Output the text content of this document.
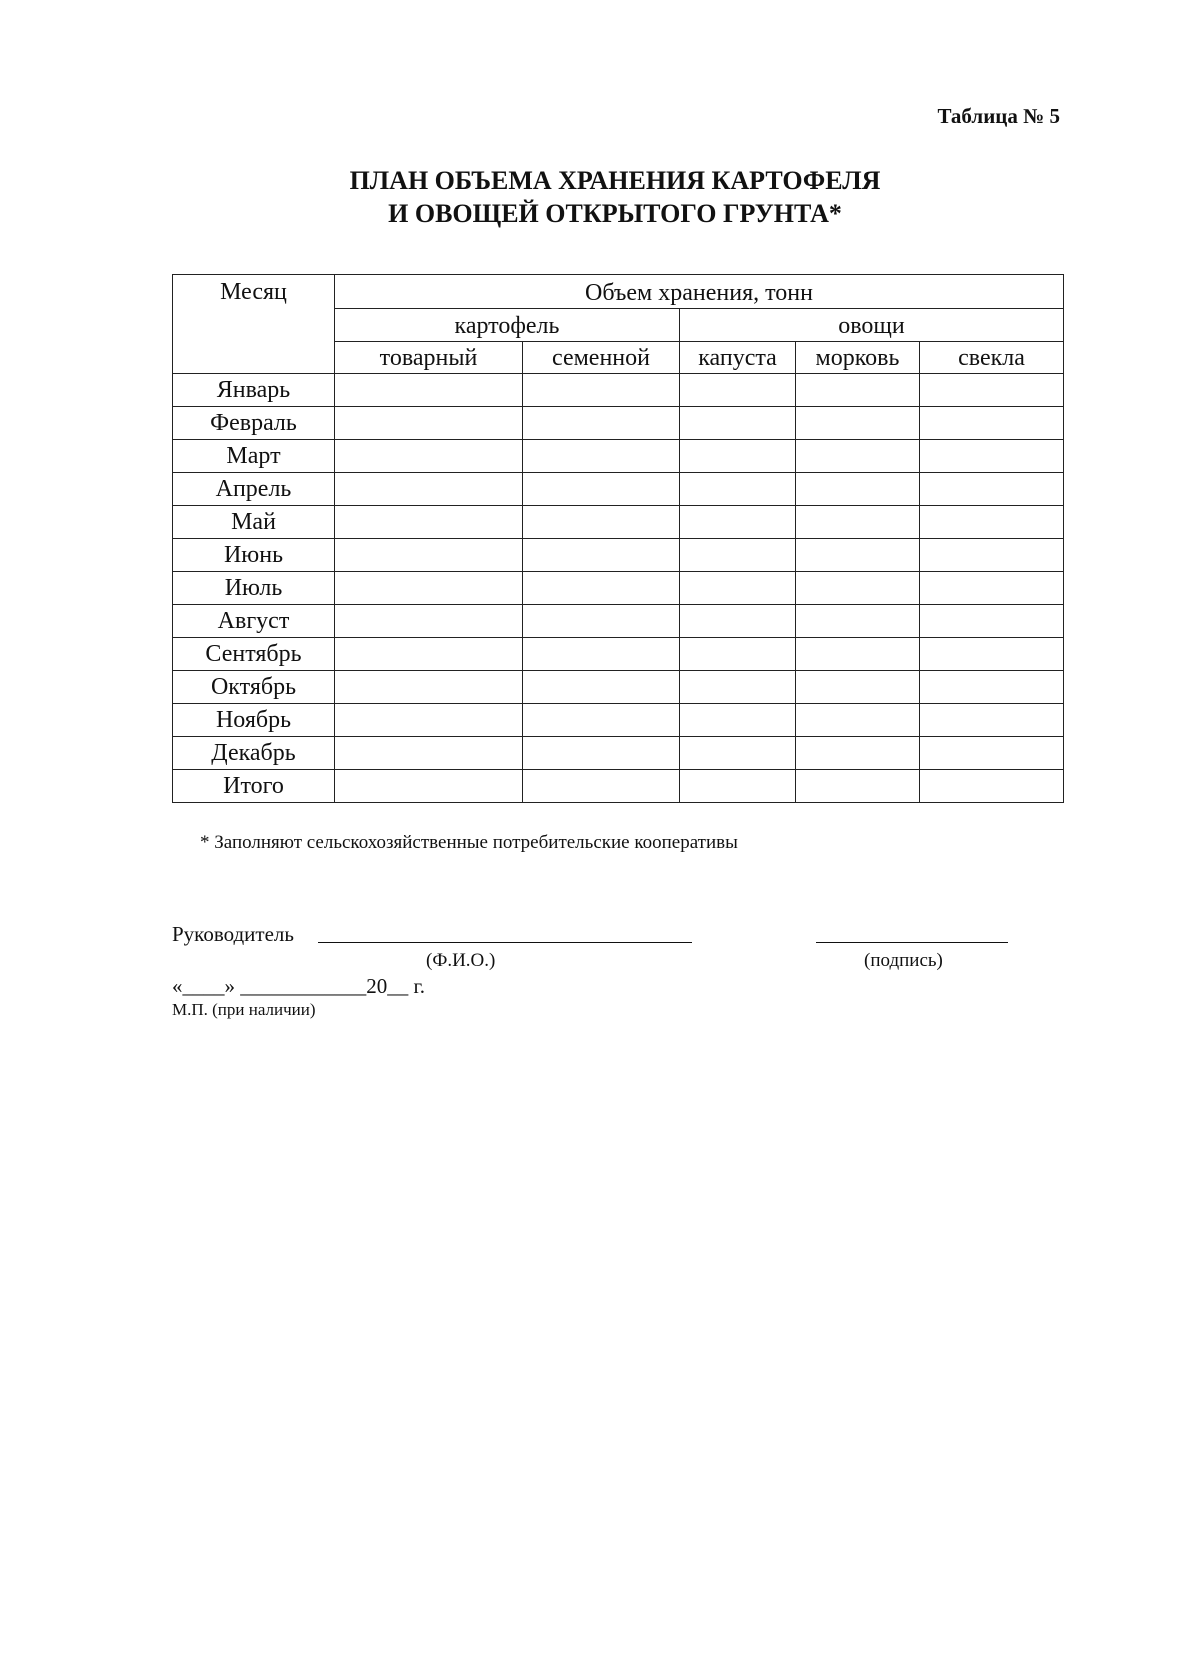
Таблица № 5
ПЛАН ОБЪЕМА ХРАНЕНИЯ КАРТОФЕЛЯ
И ОВОЩЕЙ ОТКРЫТОГО ГРУНТА*
Месяц	Объем хранения, тонн				
	картофель		овощи		
	товарный	семенной	капуста	морковь	свекла
Январь					
Февраль					
Март					
Апрель					
Май					
Июнь					
Июль					
Август					
Сентябрь					
Октябрь					
Ноябрь					
Декабрь					
Итого					
* Заполняют сельскохозяйственные потребительские кооперативы
Руководитель
(Ф.И.О.)	(подпись)
«____» ____________20__ г.
М.П. (при наличии)
